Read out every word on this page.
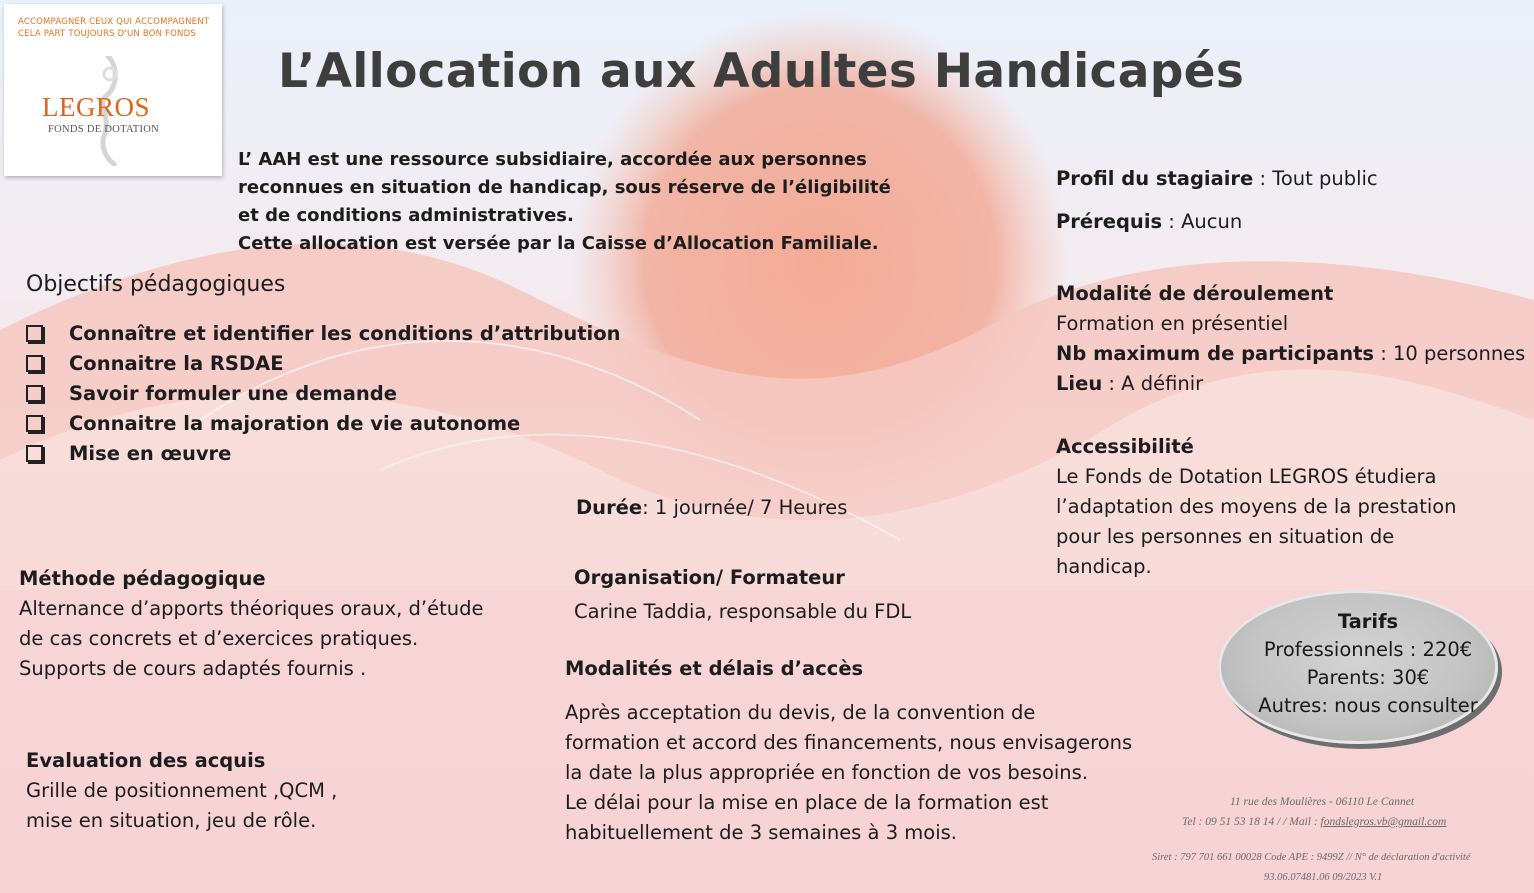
ACCOMPAGNER CEUX QUI ACCOMPAGNENT
CELA PART TOUJOURS D'UN BON FONDS
LEGROS
FONDS DE DOTATION
L’Allocation aux Adultes Handicapés
L’ AAH est une ressource subsidiaire, accordée aux personnes
reconnues en situation de handicap, sous réserve de l’éligibilité
et de conditions administratives.
Cette allocation est versée par la Caisse d’Allocation Familiale.
Objectifs pédagogiques
Connaître et identifier les conditions d’attribution
Connaitre la RSDAE
Savoir formuler une demande
Connaitre la majoration de vie autonome
Mise en œuvre
Durée: 1 journée/ 7 Heures
Méthode pédagogique
Alternance d’apports théoriques oraux, d’étude
de cas concrets et d’exercices pratiques.
Supports de cours adaptés fournis .
Organisation/ Formateur
Carine Taddia, responsable du FDL
Modalités et délais d’accès
Après acceptation du devis, de la convention de
formation et accord des financements, nous envisagerons
la date la plus appropriée en fonction de vos besoins.
Le délai pour la mise en place de la formation est
habituellement de 3 semaines à 3 mois.
Evaluation des acquis
Grille de positionnement ,QCM ,
mise en situation, jeu de rôle.
Profil du stagiaire : Tout public
Prérequis : Aucun
Modalité de déroulement
Formation en présentiel
Nb maximum de participants : 10 personnes
Lieu : A définir
Accessibilité
Le Fonds de Dotation LEGROS étudiera
l’adaptation des moyens de la prestation
pour les personnes en situation de
handicap.
Tarifs
Professionnels : 220€
Parents: 30€
Autres: nous consulter
11 rue des Moulières - 06110 Le Cannet
Tel : 09 51 53 18 14 / / Mail : fondslegros.vb@gmail.com
Siret : 797 701 661 00028 Code APE : 9499Z // N° de déclaration d'activité
93.06.07481.06 09/2023 V.1
